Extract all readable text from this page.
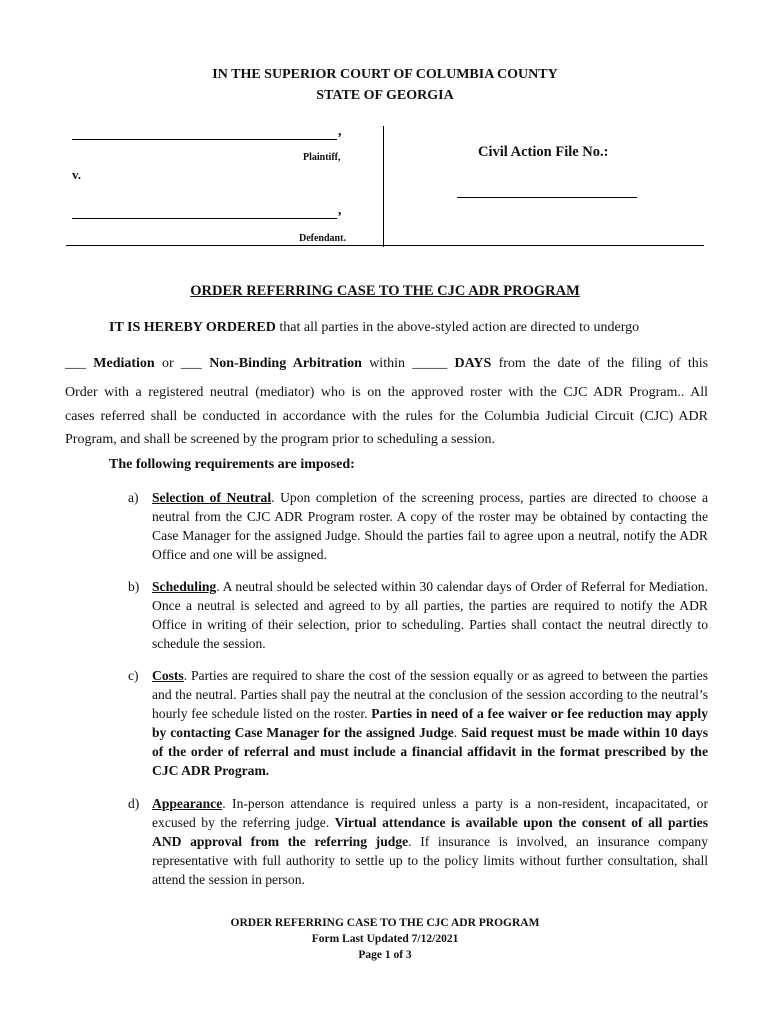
IN THE SUPERIOR COURT OF COLUMBIA COUNTY
STATE OF GEORGIA
,
Plaintiff,
v.
,
Defendant.
Civil Action File No.:
ORDER REFERRING CASE TO THE CJC ADR PROGRAM
IT IS HEREBY ORDERED that all parties in the above-styled action are directed to undergo
___ Mediation or ___ Non-Binding Arbitration within _____ DAYS from the date of the filing of this
Order with a registered neutral (mediator) who is on the approved roster with the CJC ADR Program.. All
cases referred shall be conducted in accordance with the rules for the Columbia Judicial Circuit (CJC) ADR
Program, and shall be screened by the program prior to scheduling a session.
The following requirements are imposed:
a) Selection of Neutral. Upon completion of the screening process, parties are directed to choose a neutral from the CJC ADR Program roster. A copy of the roster may be obtained by contacting the Case Manager for the assigned Judge. Should the parties fail to agree upon a neutral, notify the ADR Office and one will be assigned.
b) Scheduling. A neutral should be selected within 30 calendar days of Order of Referral for Mediation. Once a neutral is selected and agreed to by all parties, the parties are required to notify the ADR Office in writing of their selection, prior to scheduling. Parties shall contact the neutral directly to schedule the session.
c) Costs. Parties are required to share the cost of the session equally or as agreed to between the parties and the neutral. Parties shall pay the neutral at the conclusion of the session according to the neutral’s hourly fee schedule listed on the roster. Parties in need of a fee waiver or fee reduction may apply by contacting Case Manager for the assigned Judge. Said request must be made within 10 days of the order of referral and must include a financial affidavit in the format prescribed by the CJC ADR Program.
d) Appearance. In-person attendance is required unless a party is a non-resident, incapacitated, or excused by the referring judge. Virtual attendance is available upon the consent of all parties AND approval from the referring judge. If insurance is involved, an insurance company representative with full authority to settle up to the policy limits without further consultation, shall attend the session in person.
ORDER REFERRING CASE TO THE CJC ADR PROGRAM
Form Last Updated 7/12/2021
Page 1 of 3
